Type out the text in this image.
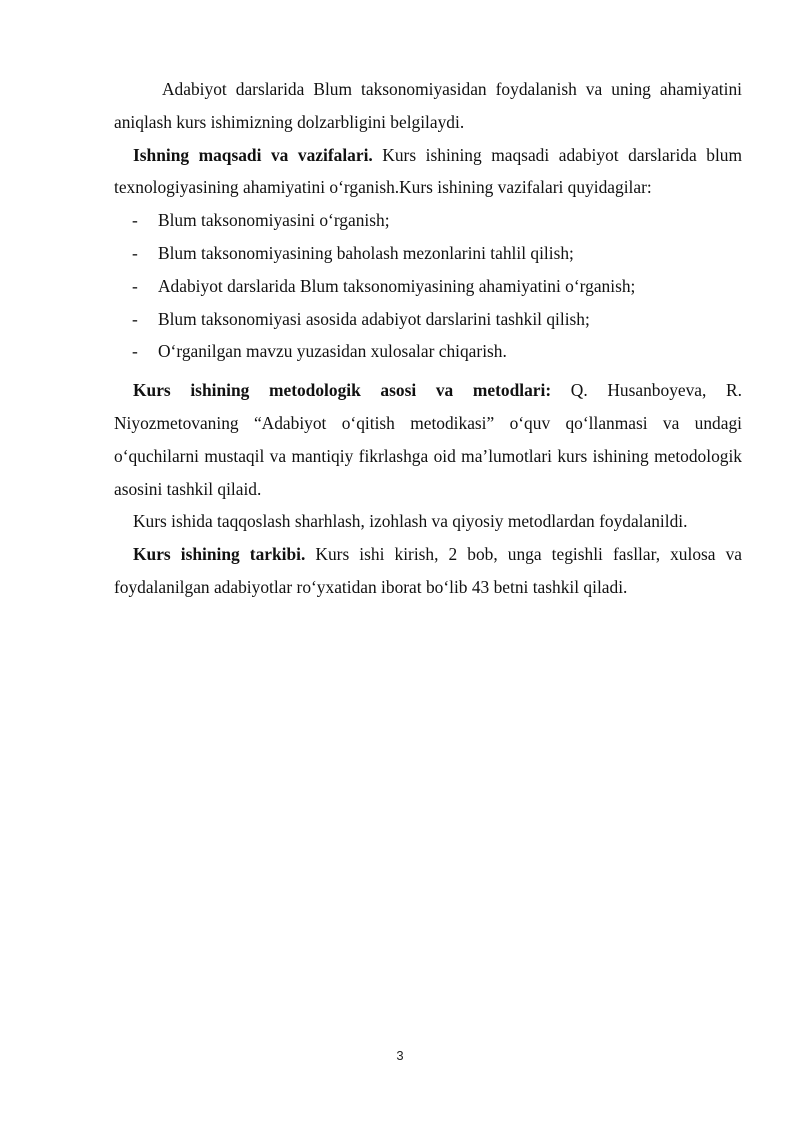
Adabiyot darslarida Blum taksonomiyasidan foydalanish va uning ahamiyatini aniqlash kurs ishimizning dolzarbligini belgilaydi.

Ishning maqsadi va vazifalari. Kurs ishining maqsadi adabiyot darslarida blum texnologiyasining ahamiyatini o‘rganish.Kurs ishining vazifalari quyidagilar:

- Blum taksonomiyasini o‘rganish;
- Blum taksonomiyasining baholash mezonlarini tahlil qilish;
- Adabiyot darslarida Blum taksonomiyasining ahamiyatini o‘rganish;
- Blum taksonomiyasi asosida adabiyot darslarini tashkil qilish;
- O‘rganilgan mavzu yuzasidan xulosalar chiqarish.

Kurs ishining metodologik asosi va metodlari: Q. Husanboyeva, R. Niyozmetovaning “Adabiyot o‘qitish metodikasi” o‘quv qo‘llanmasi va undagi o‘quchilarni mustaqil va mantiqiy fikrlashga oid ma’lumotlari kurs ishining metodologik asosini tashkil qilaid.

Kurs ishida taqqoslash sharhlash, izohlash va qiyosiy metodlardan foydalanildi.

Kurs ishining tarkibi. Kurs ishi kirish, 2 bob, unga tegishli fasllar, xulosa va foydalanilgan adabiyotlar ro‘yxatidan iborat bo‘lib 43 betni tashkil qiladi.

3
